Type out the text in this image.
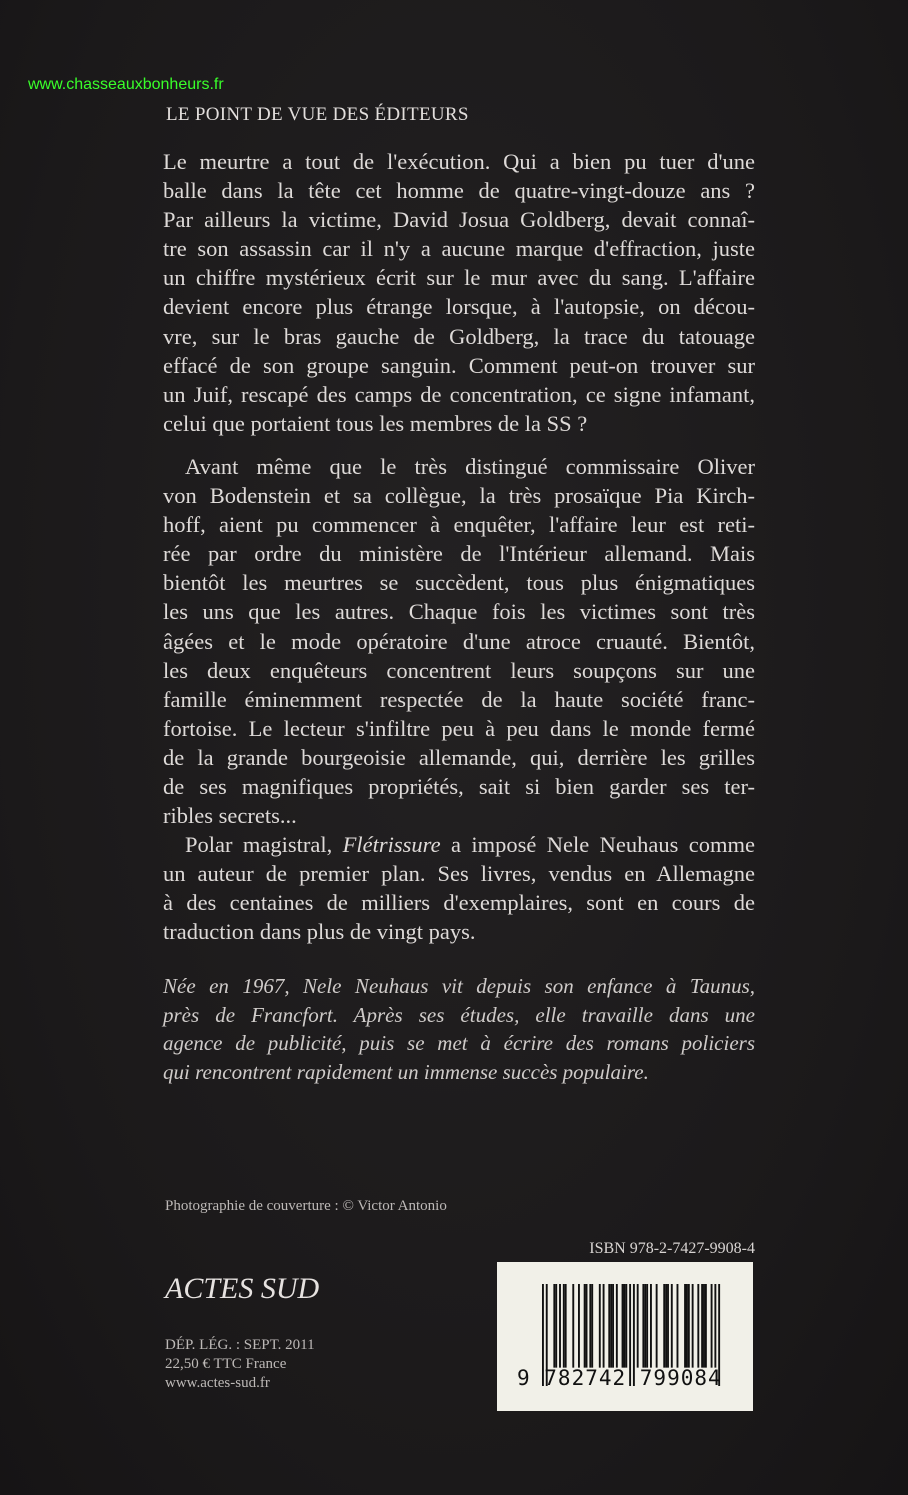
www.chasseauxbonheurs.fr
LE POINT DE VUE DES ÉDITEURS
Le meurtre a tout de l'exécution. Qui a bien pu tuer d'une
balle dans la tête cet homme de quatre-vingt-douze ans ?
Par ailleurs la victime, David Josua Goldberg, devait connaî-
tre son assassin car il n'y a aucune marque d'effraction, juste
un chiffre mystérieux écrit sur le mur avec du sang. L'affaire
devient encore plus étrange lorsque, à l'autopsie, on décou-
vre, sur le bras gauche de Goldberg, la trace du tatouage
effacé de son groupe sanguin. Comment peut-on trouver sur
un Juif, rescapé des camps de concentration, ce signe infamant,
celui que portaient tous les membres de la SS ?
Avant même que le très distingué commissaire Oliver
von Bodenstein et sa collègue, la très prosaïque Pia Kirch-
hoff, aient pu commencer à enquêter, l'affaire leur est reti-
rée par ordre du ministère de l'Intérieur allemand. Mais
bientôt les meurtres se succèdent, tous plus énigmatiques
les uns que les autres. Chaque fois les victimes sont très
âgées et le mode opératoire d'une atroce cruauté. Bientôt,
les deux enquêteurs concentrent leurs soupçons sur une
famille éminemment respectée de la haute société franc-
fortoise. Le lecteur s'infiltre peu à peu dans le monde fermé
de la grande bourgeoisie allemande, qui, derrière les grilles
de ses magnifiques propriétés, sait si bien garder ses ter-
ribles secrets...
Polar magistral, Flétrissure a imposé Nele Neuhaus comme
un auteur de premier plan. Ses livres, vendus en Allemagne
à des centaines de milliers d'exemplaires, sont en cours de
traduction dans plus de vingt pays.
Née en 1967, Nele Neuhaus vit depuis son enfance à Taunus,
près de Francfort. Après ses études, elle travaille dans une
agence de publicité, puis se met à écrire des romans policiers
qui rencontrent rapidement un immense succès populaire.
Photographie de couverture : © Victor Antonio
ISBN 978-2-7427-9908-4
ACTES SUD
DÉP. LÉG. : SEPT. 2011
22,50 € TTC France
www.actes-sud.fr	9 782742 799084
